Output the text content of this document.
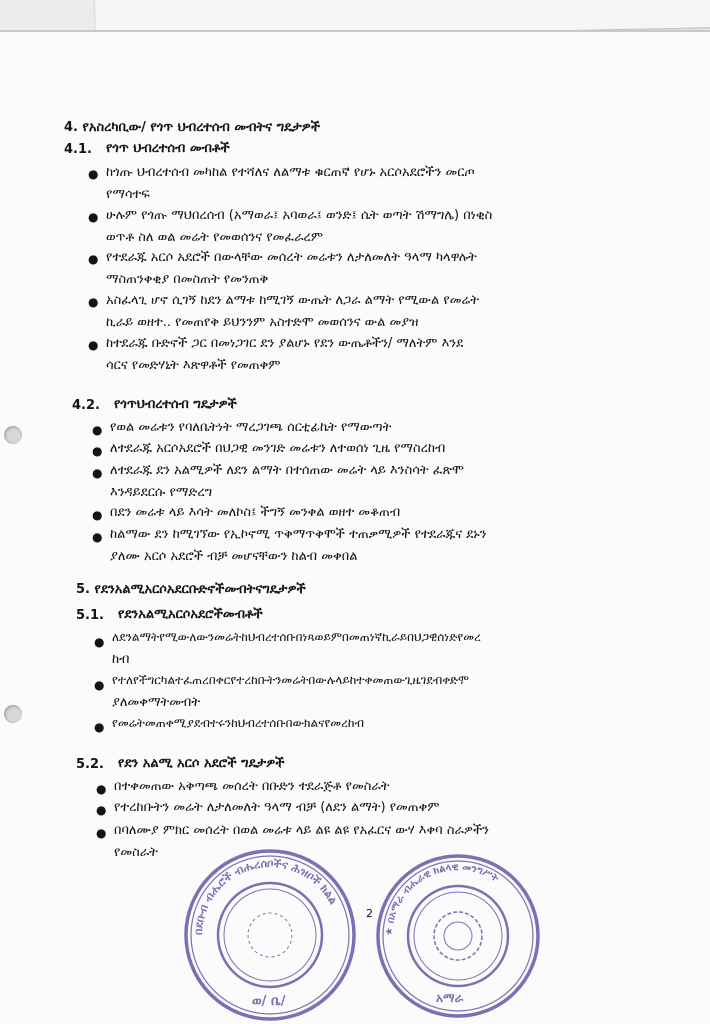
4. የአስረካቢው/ የጎጥ ህብረተሰብ መብትና ግዴታዎች
4.1. የጎጥ ህብረተሰብ መብቶች
● ከጎጡ ህብረተሰብ መካከል የተሻለና ለልማቱ ቁርጠኛ የሆኑ አርሶአደሮችን መርጦ
የማሳተፍ
● ሁሉም የጎጡ ማህበረሰብ (አማወራ፤ አባወራ፤ ወንድ፤ ሴት ወጣት ሽማግሌ) በነቂስ
ወጥቶ ስለ ወል መሬት የመወሰንና የመፈራረም
● የተደራጁ አርሶ አደሮች በውላቸው መሰረት መሬቱን ለታለመለት ዓላማ ካላዋሉት
ማስጠንቀቂያ በመስጠት የመንጠቅ
● አስፈላጊ ሆኖ ሲገኝ ከደን ልማቱ ከሚገኝ ውጤት ለጋራ ልማት የሚውል የመሬት
ኪራይ ወዘተ.. የመጠየቅ ይህንንም አስተድሞ መወሰንና ውል መያዝ
● ከተደራጁ ቡድኖች ጋር በመነጋገር ደን ያልሆኑ የደን ውጤቶችን/ ማለትም እንደ
ሳርና የመድሃኒት እጽዋቶች የመጠቀም
4.2. የጎጥህብረተሰብ ግዴታዎች
● የወል መሬቱን የባለቤትነት ማረጋገጫ ሰርቲፊኬት የማውጣት
● ለተደራጁ አርሶአደሮች በህጋዊ መንገድ መሬቱን ለተወሰነ ጊዜ የማስረከብ
● ለተደራጁ ደን አልሚዎች ለደን ልማት በተሰጠው መሬት ላይ እንስሳት ፈጽሞ
እንዳይደርሱ የማድረግ
● በደን መሬቱ ላይ እሳት መለኮስ፤ ችግኝ መንቀል ወዘተ መቆጠብ
● ከልማው ደን ከሚገኘው የኢኮኖሚ ጥቅማጥቅሞች ተጠቃሚዎች የተደራጁና ደኑን
ያለሙ አርሶ አደሮች ብቻ መሆናቸውን ከልብ መቀበል
5. የደንአልሚአርሶአደርቡድኖችመብትናግዴታዎች
5.1. የደንአልሚአርሶአደሮችመብቶች
● ለደንልማትየሚውለውንመሬትከህብረተሰቡበነጻወይምበመጠነኛኪራይበህጋዊሰነድየመረ
ከብ
● የተለየችግርካልተፈጠረበቀርየተረከቡትንመሬትበውሉላይከተቀመጠውጊዜገደብቀድሞ
ያለመቀማትመብት
● የመሬትመጠቀሚያደብተሩንከህብረተሰቡበውክልናየመረከብ
5.2. የደን አልሚ አርሶ አደሮች ግዴታዎች
● በተቀመጠው አቅጣጫ መሰረት በቡድን ተደራጅቶ የመስራት
● የተረከቡትን መሬት ለታለመለት ዓላማ ብቻ (ለደን ልማት) የመጠቀም
● በባለሙያ ምክር መሰረት በወል መሬቱ ላይ ልዩ ልዩ የአፈርና ውሃ እቀባ ስራዎችን
የመስራት
2
በደቡብ ብሔሮች ብሔረሰቦችና ሕዝቦች ክልል
ወ/ ቤ/
★ በአማራ ብሔራዊ ክልላዊ መንግሥት
አማራ
